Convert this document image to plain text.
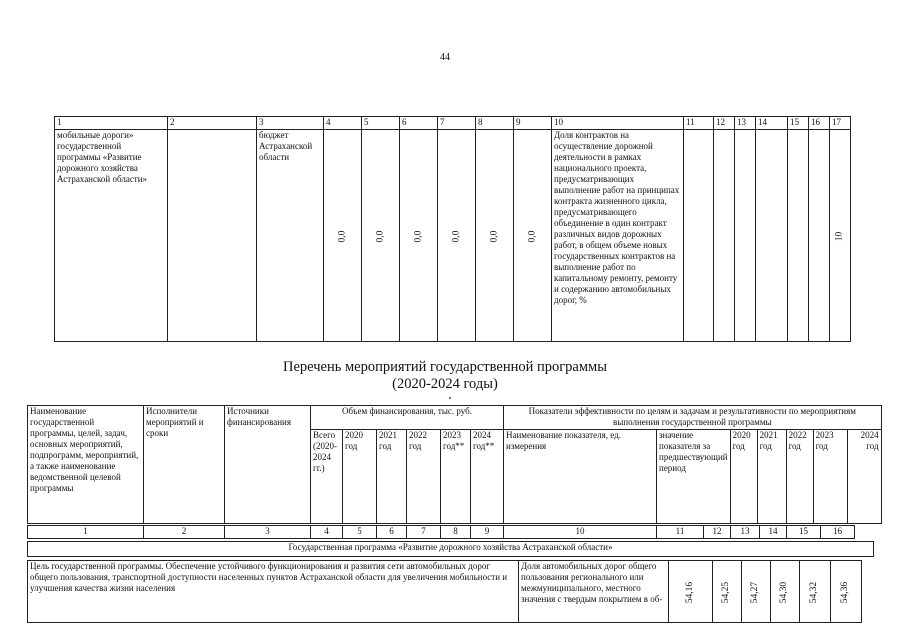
44
1	2	3	4	5	6	7	8	9	10	11	12	13	14	15	16	17
мобильные дороги» государственной программы «Развитие дорожного хозяйства Астраханской области»		бюджет Астраханской области	0,0	0,0	0,0	0,0	0,0	0,0	Доля контрактов на осуществление дорожной деятельности в рамках национального проекта, предусматривающих выполнение работ на принципах контракта жизненного цикла, предусматривающего объединение в один контракт различных видов дорожных работ, в общем объеме новых государственных контрактов на выполнение работ по капитальному ремонту, ремонту и содержанию автомобильных дорог, %							10
Перечень мероприятий государственной программы
(2020-2024 годы)
Наименование государственной программы, целей, задач, основных мероприятий, подпрограмм, мероприятий, а также наименование ведомственной целевой программы	Исполнители мероприятий и сроки	Источники финансирования	Объем финансирования, тыс. руб.						Показатели эффективности по целям и задачам и результативности по мероприятиям выполнения государственной программы						
			Всего (2020-2024 гг.)	2020 год	2021 год	2022 год	2023 год**	2024 год**	Наименование показателя, ед. измерения	значение показателя за предшествующий период	2020 год	2021 год	2022 год	2023 год	2024 год
1	2	3	4	5	6	7	8	9	10	11	12	13	14	15	16
Государственная программа «Развитие дорожного хозяйства Астраханской области»
Цель государственной программы. Обеспечение устойчивого функционирования и развития сети автомобильных дорог общего пользования, транспортной доступности населенных пунктов Астраханской области для увеличения мобильности и улучшения качества жизни населения	Доля автомобильных дорог общего пользования регионального или межмуниципального, местного значения с твердым покрытием в об-	54,16	54,25	54,27	54,30	54,32	54,36
